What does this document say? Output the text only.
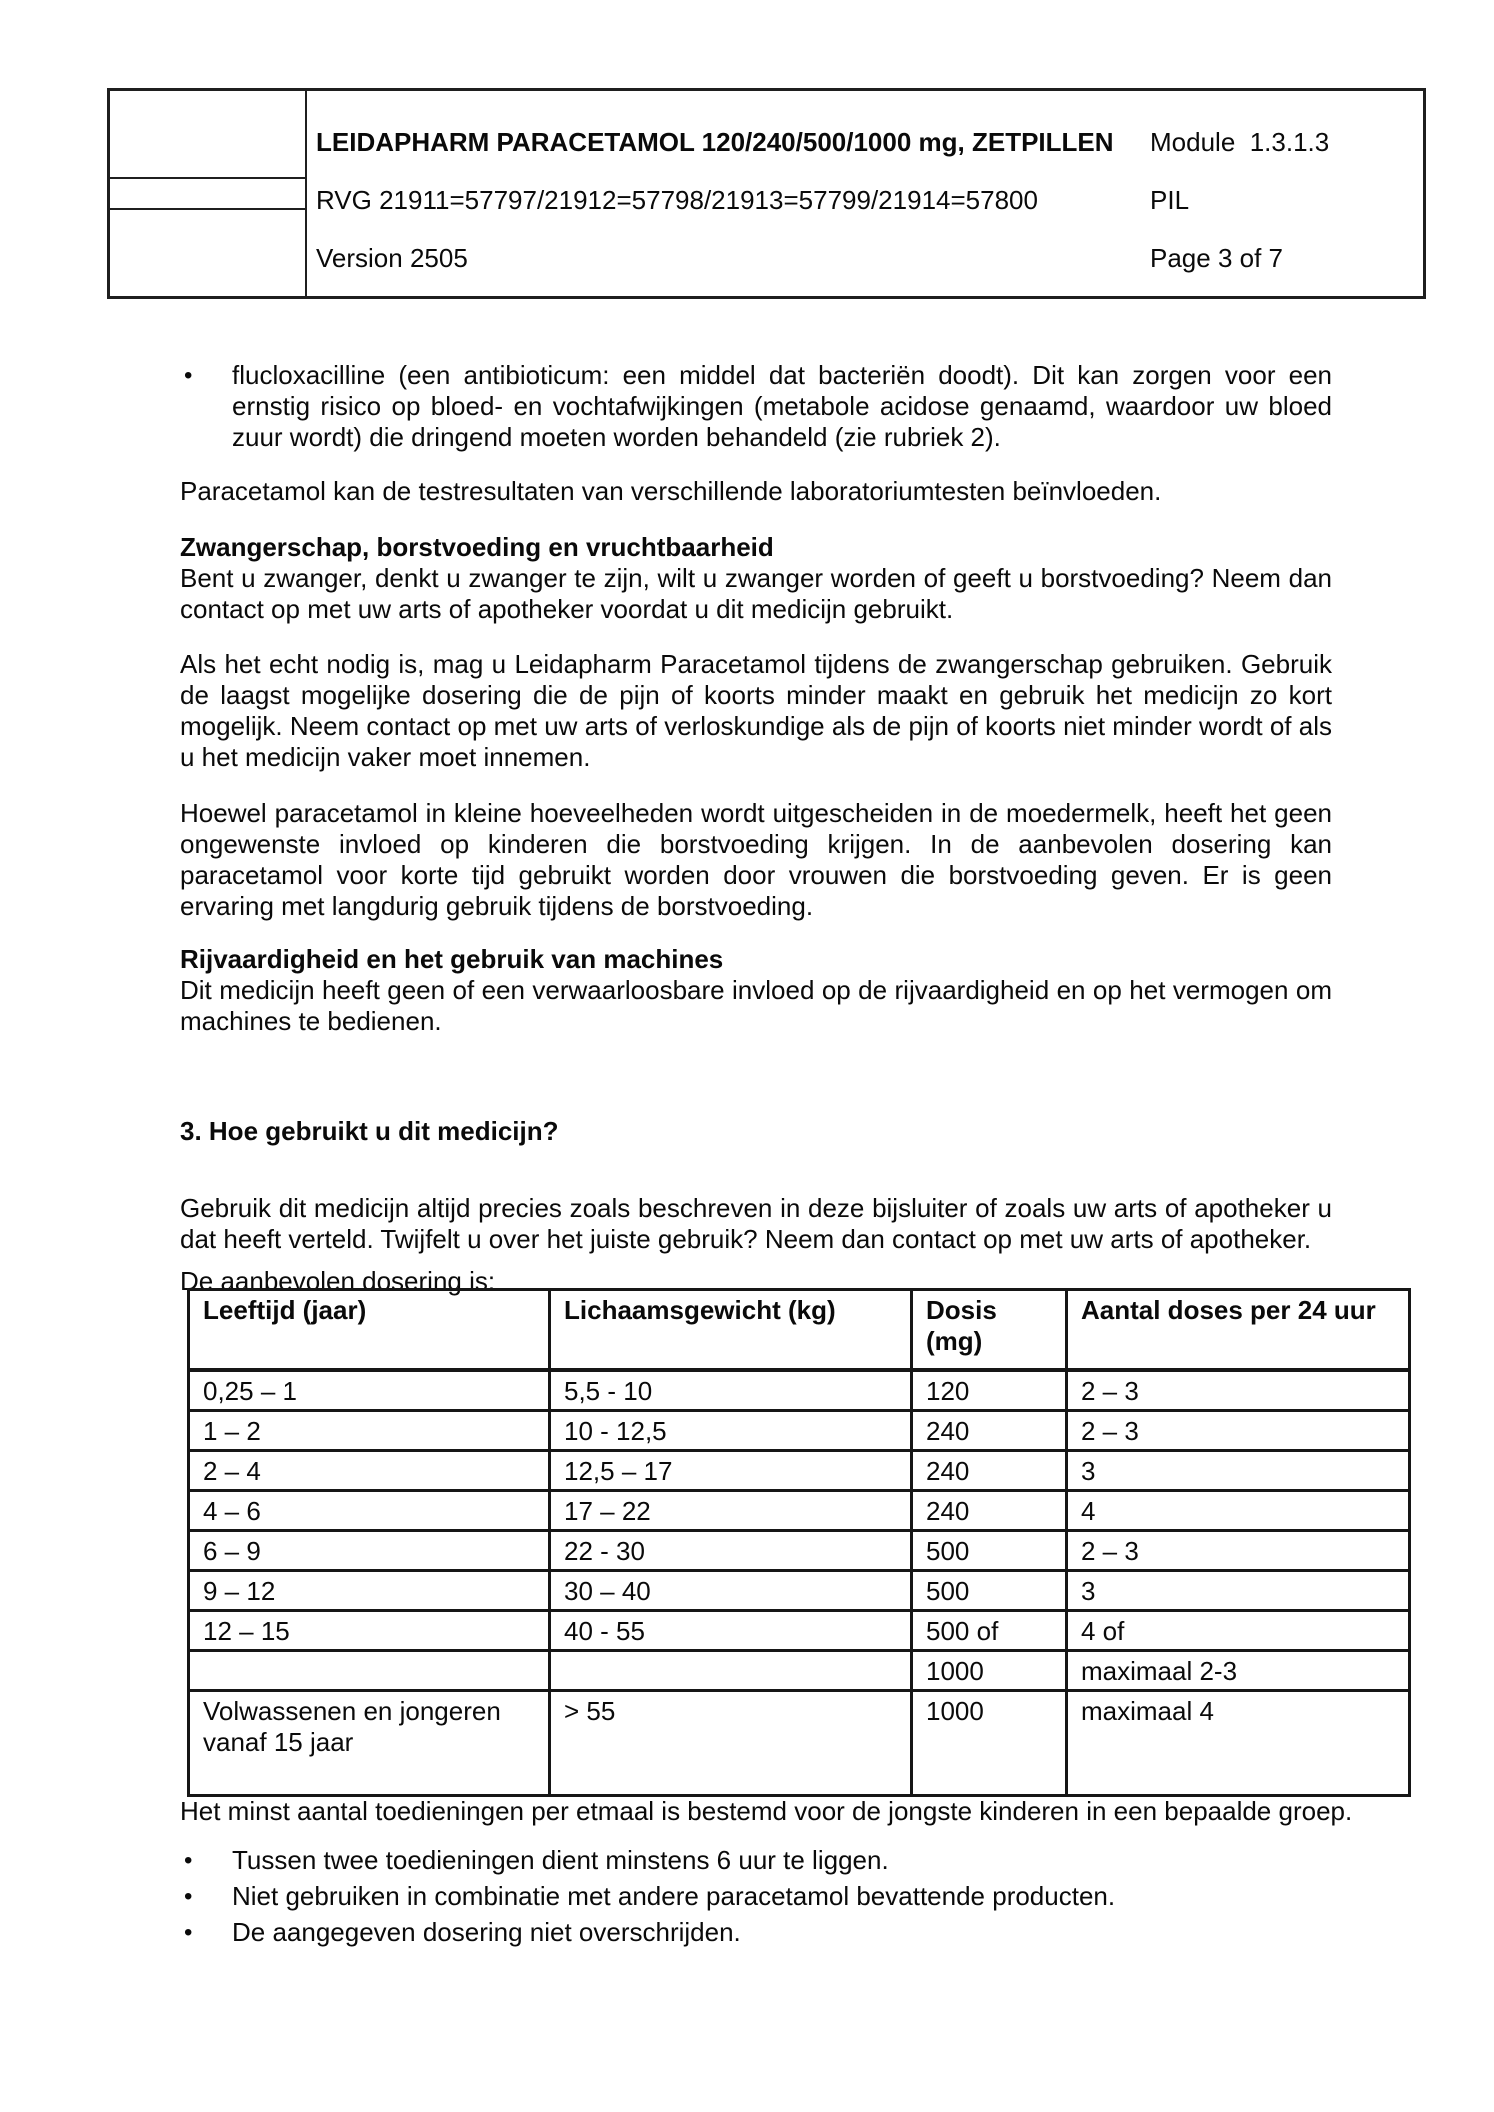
LEIDAPHARM PARACETAMOL 120/240/500/1000 mg, ZETPILLEN	Module  1.3.1.3
RVG 21911=57797/21912=57798/21913=57799/21914=57800	PIL
Version 2505	Page 3 of 7
•	flucloxacilline (een antibioticum: een middel dat bacteriën doodt). Dit kan zorgen voor een ernstig risico op bloed- en vochtafwijkingen (metabole acidose genaamd, waardoor uw bloed zuur wordt) die dringend moeten worden behandeld (zie rubriek 2).
Paracetamol kan de testresultaten van verschillende laboratoriumtesten beïnvloeden.
Zwangerschap, borstvoeding en vruchtbaarheid
Bent u zwanger, denkt u zwanger te zijn, wilt u zwanger worden of geeft u borstvoeding? Neem dan contact op met uw arts of apotheker voordat u dit medicijn gebruikt.
Als het echt nodig is, mag u Leidapharm Paracetamol tijdens de zwangerschap gebruiken. Gebruik de laagst mogelijke dosering die de pijn of koorts minder maakt en gebruik het medicijn zo kort mogelijk. Neem contact op met uw arts of verloskundige als de pijn of koorts niet minder wordt of als u het medicijn vaker moet innemen.
Hoewel paracetamol in kleine hoeveelheden wordt uitgescheiden in de moedermelk, heeft het geen ongewenste invloed op kinderen die borstvoeding krijgen. In de aanbevolen dosering kan paracetamol voor korte tijd gebruikt worden door vrouwen die borstvoeding geven. Er is geen ervaring met langdurig gebruik tijdens de borstvoeding.
Rijvaardigheid en het gebruik van machines
Dit medicijn heeft geen of een verwaarloosbare invloed op de rijvaardigheid en op het vermogen om machines te bedienen.
3. Hoe gebruikt u dit medicijn?
Gebruik dit medicijn altijd precies zoals beschreven in deze bijsluiter of zoals uw arts of apotheker u dat heeft verteld. Twijfelt u over het juiste gebruik? Neem dan contact op met uw arts of apotheker.
De aanbevolen dosering is:
Leeftijd (jaar)	Lichaamsgewicht (kg)	Dosis (mg)	Aantal doses per 24 uur
0,25 – 1	5,5 - 10	120	2 – 3
1 – 2	10 - 12,5	240	2 – 3
2 – 4	12,5 – 17	240	3
4 – 6	17 – 22	240	4
6 – 9	22 - 30	500	2 – 3
9 – 12	30 – 40	500	3
12 – 15	40 - 55	500 of	4 of
		1000	maximaal 2-3
Volwassenen en jongeren vanaf 15 jaar	> 55	1000	maximaal 4
Het minst aantal toedieningen per etmaal is bestemd voor de jongste kinderen in een bepaalde groep.
•	Tussen twee toedieningen dient minstens 6 uur te liggen.
•	Niet gebruiken in combinatie met andere paracetamol bevattende producten.
•	De aangegeven dosering niet overschrijden.
